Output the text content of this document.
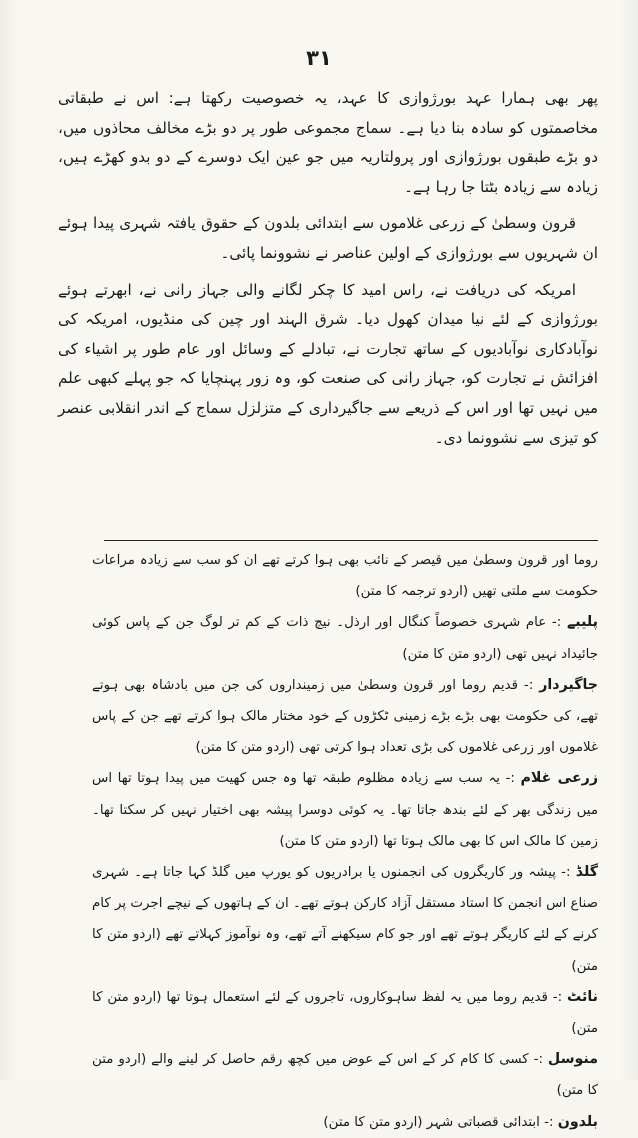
٣١

پھر بھی ہمارا عہد بورژوازی کا عہد، یہ خصوصیت رکھتا ہے: اس نے طبقاتی مخاصمتوں کو سادہ بنا دیا ہے۔ سماج مجموعی طور پر دو بڑے مخالف محاذوں میں، دو بڑے طبقوں بورژوازی اور پرولتاریہ میں جو عین ایک دوسرے کے دو بدو کھڑے ہیں، زیادہ سے زیادہ بٹتا جا رہا ہے۔

قرون وسطیٰ کے زرعی غلاموں سے ابتدائی بلدون کے حقوق یافتہ شہری پیدا ہوئے ان شہریوں سے بورژوازی کے اولین عناصر نے نشوونما پائی۔

امریکہ کی دریافت نے، راس امید کا چکر لگانے والی جہاز رانی نے، ابھرتے ہوئے بورژوازی کے لئے نیا میدان کھول دیا۔ شرق الہند اور چین کی منڈیوں، امریکہ کی نوآبادکاری نوآبادیوں کے ساتھ تجارت نے، تبادلے کے وسائل اور عام طور پر اشیاء کی افزائش نے تجارت کو، جہاز رانی کی صنعت کو، وہ زور پہنچایا کہ جو پہلے کبھی علم میں نہیں تھا اور اس کے ذریعے سے جاگیرداری کے متزلزل سماج کے اندر انقلابی عنصر کو تیزی سے نشوونما دی۔

روما اور قرون وسطیٰ میں قیصر کے نائب بھی ہوا کرتے تھے ان کو سب سے زیادہ مراعات حکومت سے ملتی تھیں (اردو ترجمہ کا متن)

پلیبے :- عام شہری خصوصاً کنگال اور ارذل۔ نیچ ذات کے کم تر لوگ جن کے پاس کوئی جائیداد نہیں تھی (اردو متن کا متن)

جاگیردار :- قدیم روما اور قرون وسطیٰ میں زمینداروں کی جن میں بادشاہ بھی ہوتے تھے، کی حکومت بھی بڑے بڑے زمینی ٹکڑوں کے خود مختار مالک ہوا کرتے تھے جن کے پاس غلاموں اور زرعی غلاموں کی بڑی تعداد ہوا کرتی تھی (اردو متن کا متن)

زرعی غلام :- یہ سب سے زیادہ مظلوم طبقہ تھا وہ جس کھیت میں پیدا ہوتا تھا اس میں زندگی بھر کے لئے بندھ جاتا تھا۔ یہ کوئی دوسرا پیشہ بھی اختیار نہیں کر سکتا تھا۔ زمین کا مالک اس کا بھی مالک ہوتا تھا (اردو متن کا متن)

گلڈ :- پیشہ ور کاریگروں کی انجمنوں یا برادریوں کو یورپ میں گلڈ کہا جاتا ہے۔ شہری صناع اس انجمن کا استاد مستقل آزاد کارکن ہوتے تھے۔ ان کے ہاتھوں کے نیچے اجرت پر کام کرنے کے لئے کاریگر ہوتے تھے اور جو کام سیکھنے آتے تھے، وہ نوآموز کہلاتے تھے (اردو متن کا متن)

نائٹ :- قدیم روما میں یہ لفظ ساہوکاروں، تاجروں کے لئے استعمال ہوتا تھا (اردو متن کا متن)

منوسل :- کسی کا کام کر کے اس کے عوض میں کچھ رقم حاصل کر لینے والے (اردو متن کا متن)

بلدون :- ابتدائی قصباتی شہر (اردو متن کا متن)
